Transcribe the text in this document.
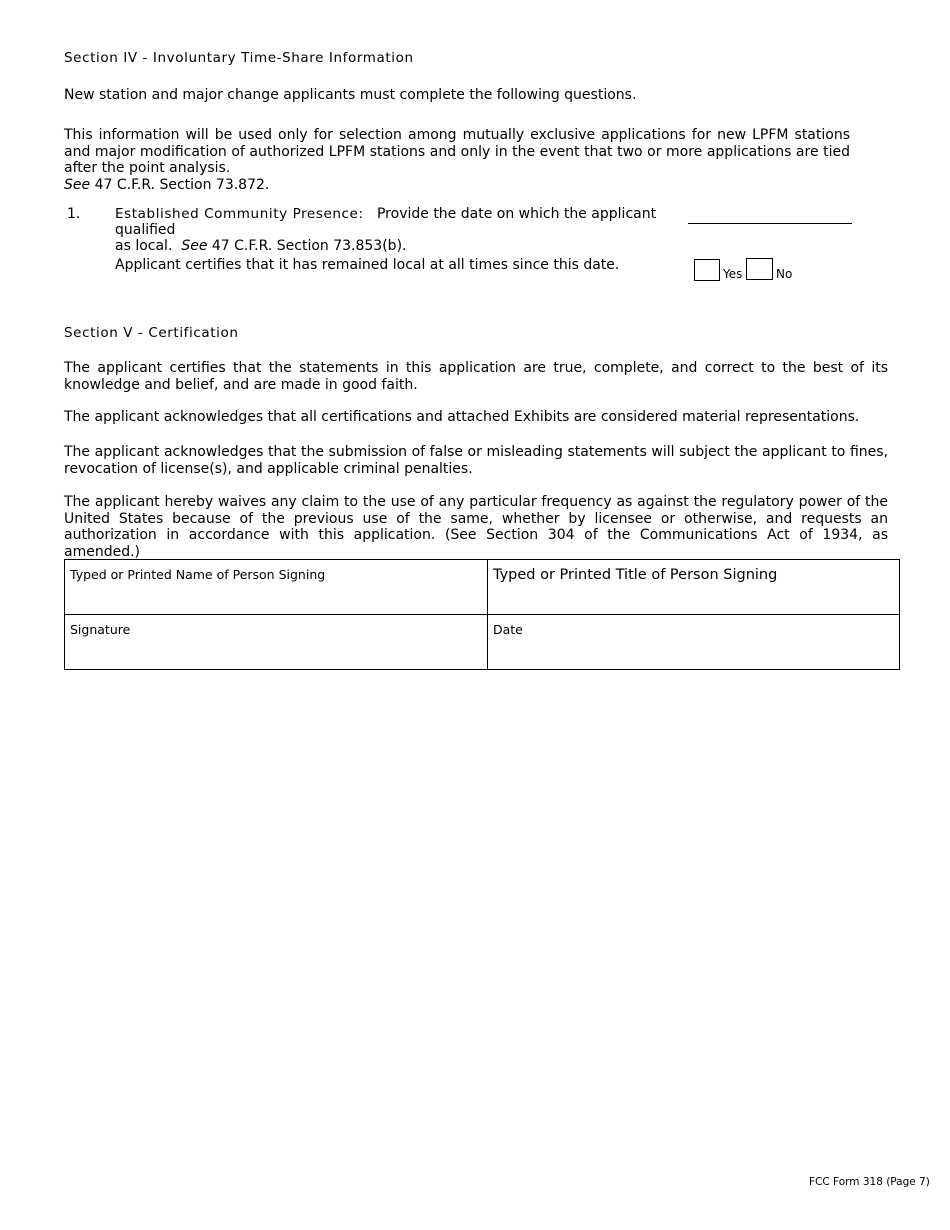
Section IV - Involuntary Time-Share Information
New station and major change applicants must complete the following questions.
This information will be used only for selection among mutually exclusive applications for new LPFM stations and major modification of authorized LPFM stations and only in the event that two or more applications are tied after the point analysis.
See 47 C.F.R. Section 73.872.
1.	Established Community Presence: Provide the date on which the applicant qualified
as local. See 47 C.F.R. Section 73.853(b).
Applicant certifies that it has remained local at all times since this date.
Yes	No
Section V - Certification
The applicant certifies that the statements in this application are true, complete, and correct to the best of its knowledge and belief, and are made in good faith.
The applicant acknowledges that all certifications and attached Exhibits are considered material representations.
The applicant acknowledges that the submission of false or misleading statements will subject the applicant to fines, revocation of license(s), and applicable criminal penalties.
The applicant hereby waives any claim to the use of any particular frequency as against the regulatory power of the United States because of the previous use of the same, whether by licensee or otherwise, and requests an authorization in accordance with this application. (See Section 304 of the Communications Act of 1934, as amended.)
Typed or Printed Name of Person Signing	Typed or Printed Title of Person Signing
Signature	Date
FCC Form 318 (Page 7)
